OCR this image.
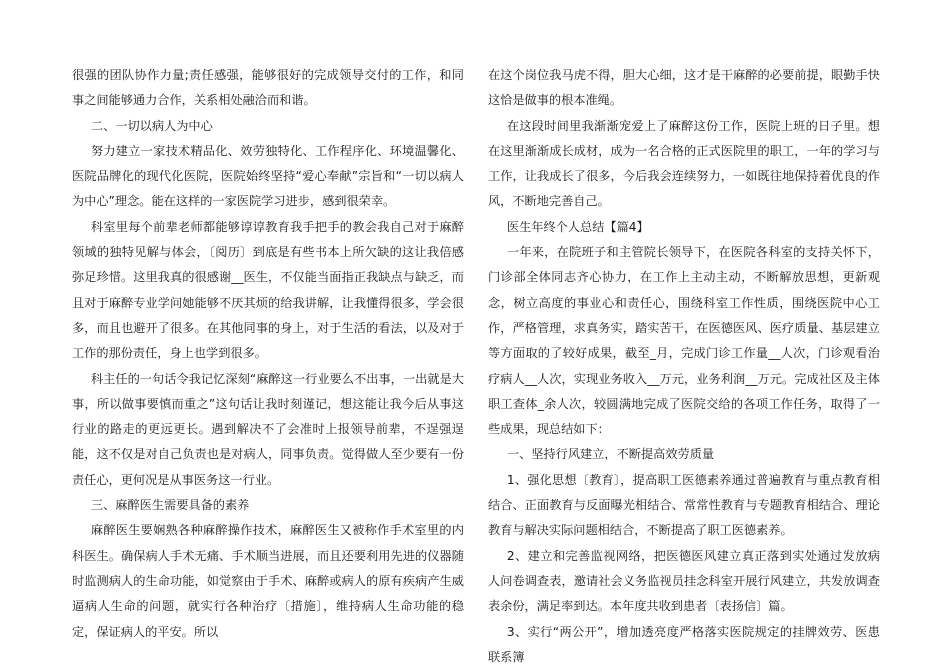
很强的团队协作力量;责任感强，能够很好的完成领导交付的工作，和同事之间能够通力合作，关系相处融洽而和谐。

二、一切以病人为中心

努力建立一家技术精品化、效劳独特化、工作程序化、环境温馨化、医院品牌化的现代化医院，医院始终坚持“爱心奉献”宗旨和“一切以病人为中心”理念。能在这样的一家医院学习进步，感到很荣幸。

科室里每个前辈老师都能够谆谆教育我手把手的教会我自己对于麻醉领域的独特见解与体会，〔阅历〕到底是有些书本上所欠缺的这让我倍感弥足珍惜。这里我真的很感谢__医生，不仅能当面指正我缺点与缺乏，而且对于麻醉专业学问她能够不厌其烦的给我讲解，让我懂得很多，学会很多，而且也避开了很多。在其他同事的身上，对于生活的看法，以及对于工作的那份责任，身上也学到很多。

科主任的一句话令我记忆深刻“麻醉这一行业要么不出事，一出就是大事，所以做事要慎而重之”这句话让我时刻谨记，想这能让我今后从事这行业的路走的更远更长。遇到解决不了会准时上报领导前辈，不逞强逞能，这不仅是对自己负责也是对病人，同事负责。觉得做人至少要有一份责任心，更何况是从事医务这一行业。

三、麻醉医生需要具备的素养

麻醉医生要娴熟各种麻醉操作技术，麻醉医生又被称作手术室里的内科医生。确保病人手术无痛、手术顺当进展，而且还要利用先进的仪器随时监测病人的生命功能，如觉察由于手术、麻醉或病人的原有疾病产生威逼病人生命的问题，就实行各种治疗〔措施〕，维持病人生命功能的稳定，保证病人的平安。所以

在这个岗位我马虎不得，胆大心细，这才是干麻醉的必要前提，眼勤手快这恰是做事的根本准绳。

在这段时间里我渐渐宠爱上了麻醉这份工作，医院上班的日子里。想在这里渐渐成长成材，成为一名合格的正式医院里的职工，一年的学习与工作，让我成长了很多，今后我会连续努力，一如既往地保持着优良的作风，不断地完善自己。

医生年终个人总结【篇4】

一年来，在院班子和主管院长领导下，在医院各科室的支持关怀下，门诊部全体同志齐心协力，在工作上主动主动，不断解放思想，更新观念，树立高度的事业心和责任心，围绕科室工作性质，围绕医院中心工作，严格管理，求真务实，踏实苦干，在医德医风、医疗质量、基层建立等方面取的了较好成果，截至_月，完成门诊工作量__人次，门诊观看治疗病人__人次，实现业务收入__万元，业务利润__万元。完成社区及主体职工查体_余人次，较圆满地完成了医院交给的各项工作任务，取得了一些成果，现总结如下：

一、坚持行风建立，不断提高效劳质量

1、强化思想〔教育〕，提高职工医德素养通过普遍教育与重点教育相结合、正面教育与反面曝光相结合、常常性教育与专题教育相结合、理论教育与解决实际问题相结合，不断提高了职工医德素养。

2、建立和完善监视网络，把医德医风建立真正落到实处通过发放病人问卷调查表，邀请社会义务监视员挂念科室开展行风建立，共发放调查表余份，满足率到达。本年度共收到患者〔表扬信〕篇。

3、实行“两公开”，增加透亮度严格落实医院规定的挂牌效劳、医患联系簿
